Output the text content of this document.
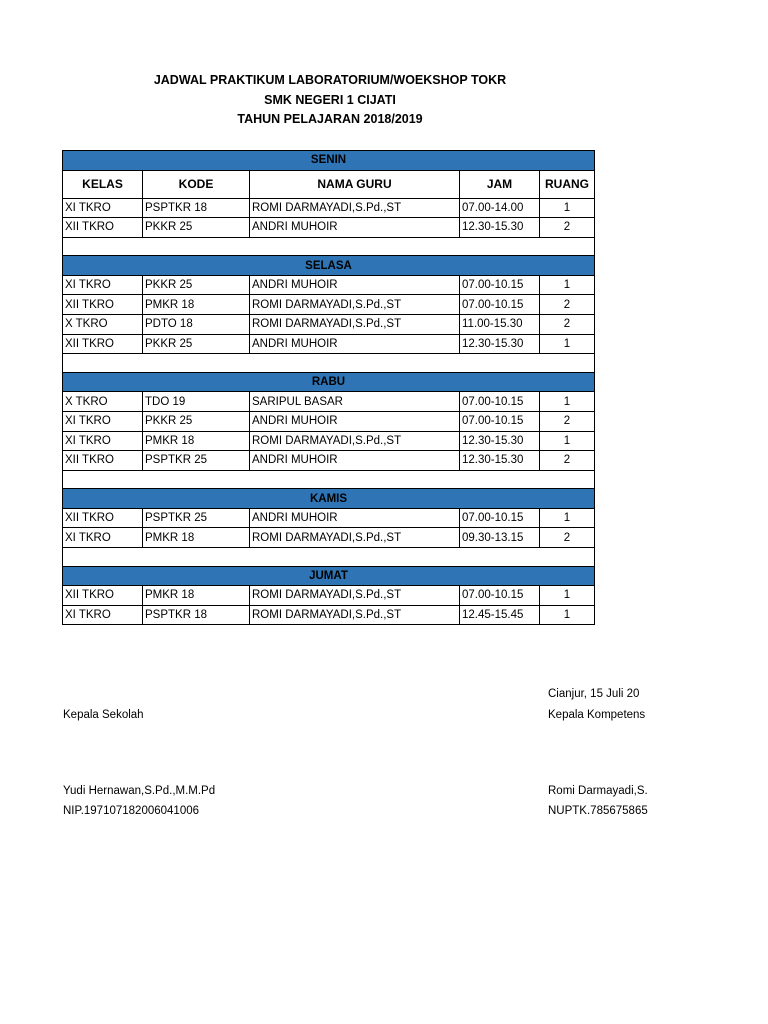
JADWAL PRAKTIKUM LABORATORIUM/WOEKSHOP TOKR
SMK NEGERI 1 CIJATI
TAHUN PELAJARAN 2018/2019
SENIN				
KELAS	KODE	NAMA GURU	JAM	RUANG
XI TKRO	PSPTKR 18	ROMI DARMAYADI,S.Pd.,ST	07.00-14.00	1
XII TKRO	PKKR 25	ANDRI MUHOIR	12.30-15.30	2

SELASA				
XI TKRO	PKKR 25	ANDRI MUHOIR	07.00-10.15	1
XII TKRO	PMKR 18	ROMI DARMAYADI,S.Pd.,ST	07.00-10.15	2
X TKRO	PDTO 18	ROMI DARMAYADI,S.Pd.,ST	11.00-15.30	2
XII TKRO	PKKR 25	ANDRI MUHOIR	12.30-15.30	1

RABU				
X TKRO	TDO 19	SARIPUL BASAR	07.00-10.15	1
XI TKRO	PKKR 25	ANDRI MUHOIR	07.00-10.15	2
XI TKRO	PMKR 18	ROMI DARMAYADI,S.Pd.,ST	12.30-15.30	1
XII TKRO	PSPTKR 25	ANDRI MUHOIR	12.30-15.30	2

KAMIS				
XII TKRO	PSPTKR 25	ANDRI MUHOIR	07.00-10.15	1
XI TKRO	PMKR 18	ROMI DARMAYADI,S.Pd.,ST	09.30-13.15	2

JUMAT				
XII TKRO	PMKR 18	ROMI DARMAYADI,S.Pd.,ST	07.00-10.15	1
XI TKRO	PSPTKR 18	ROMI DARMAYADI,S.Pd.,ST	12.45-15.45	1
Cianjur, 15 Juli 20
Kepala Sekolah	Kepala Kompetens
Yudi Hernawan,S.Pd.,M.M.Pd	Romi Darmayadi,S.
NIP.197107182006041006	NUPTK.785675865
